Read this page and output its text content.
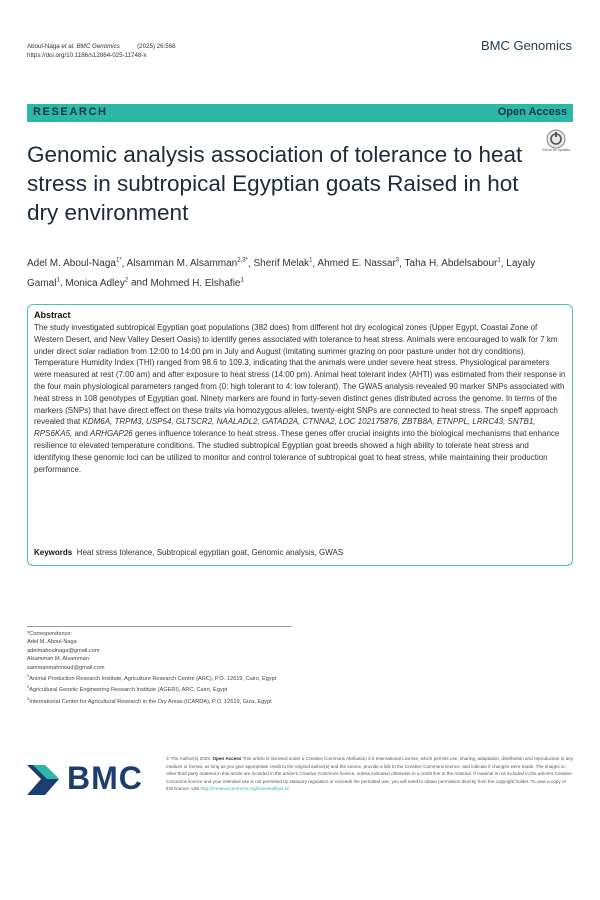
Aboul-Naga et al. BMC Genomics          (2025) 26:568
https://doi.org/10.1186/s12864-025-11748-x
BMC Genomics
RESEARCH	Open Access
Check for updates
Genomic analysis association of tolerance to heat stress in subtropical Egyptian goats Raised in hot dry environment
Adel M. Aboul-Naga$^{1*}$, Alsamman M. Alsamman$^{2,3*}$, Sherif Melak$^1$, Ahmed E. Nassar$^3$, Taha H. Abdelsabour$^1$, Layaly Gamal$^1$, Monica Adley$^2$ and Mohmed H. Elshafie$^1$
Abstract
The study investigated subtropical Egyptian goat populations (382 does) from different hot dry ecological zones (Upper Egypt, Coastal Zone of Western Desert, and New Valley Desert Oasis) to identify genes associated with tolerance to heat stress. Animals were encouraged to walk for 7 km under direct solar radiation from 12:00 to 14:00 pm in July and August (imitating summer grazing on poor pasture under hot dry conditions). Temperature Humidity Index (THI) ranged from 98.6 to 109.3, indicating that the animals were under severe heat stress. Physiological parameters were measured at rest (7:00 am) and after exposure to heat stress (14:00 pm). Animal heat tolerant index (AHTI) was estimated from their response in the four main physiological parameters ranged from (0: high tolerant to 4: low tolerant). The GWAS analysis revealed 90 marker SNPs associated with heat stress in 108 genotypes of Egyptian goat. Ninety markers are found in forty-seven distinct genes distributed across the genome. In terms of the markers (SNPs) that have direct effect on these traits via homozygous alleles, twenty-eight SNPs are connected to heat stress. The snpeff approach revealed that KDM6A, TRPM3, USP54, GLTSCR2, NAALADL2, GATAD2A, CTNNA2, LOC 102175876, ZBTB8A, ETNPPL, LRRC43, SNTB1, RPS6KA5, and ARHGAP26 genes influence tolerance to heat stress. These genes offer crucial insights into the biological mechanisms that enhance resilience to elevated temperature conditions. The studied subtropical Egyptian goat breeds showed a high ability to tolerate heat stress and identifying these genomic loci can be utilized to monitor and control tolerance of subtropical goat to heat stress, while maintaining their production performance.
Keywords Heat stress tolerance, Subtropical egyptian goat, Genomic analysis, GWAS
*Correspondence:
Adel M. Aboul-Naga
adelmaboulnaga@gmail.com
Alsamman M. Alsamman
sammanmahmoud@gmail.com
$^1$Animal Production Research Institute, Agriculture Research Centre (ARC), P.O. 12619, Cairo, Egypt
$^2$Agricultural Genetic Engineering Research Institute (AGERI), ARC, Cairo, Egypt
$^3$International Center for Agricultural Research in the Dry Areas (ICARDA), P.O. 12619, Giza, Egypt
BMC
© The Author(s) 2025. Open Access This article is licensed under a Creative Commons Attribution 4.0 International License, which permits use, sharing, adaptation, distribution and reproduction in any medium or format, as long as you give appropriate credit to the original author(s) and the source, provide a link to the Creative Commons licence, and indicate if changes were made. The images or other third party material in this article are included in the article's Creative Commons licence, unless indicated otherwise in a credit line to the material. If material is not included in the article's Creative Commons licence and your intended use is not permitted by statutory regulation or exceeds the permitted use, you will need to obtain permission directly from the copyright holder. To view a copy of this licence, visit http://creativecommons.org/licenses/by/4.0/.
